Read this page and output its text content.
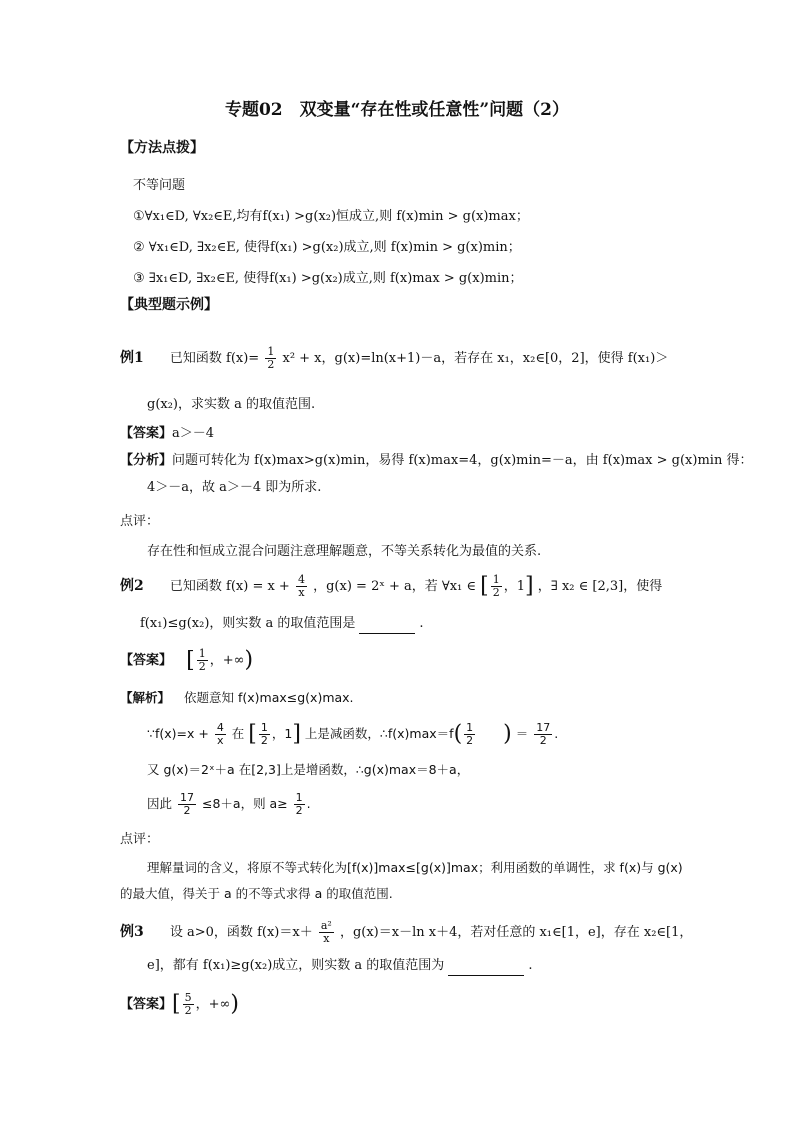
专题02　双变量“存在性或任意性”问题（2）
【方法点拨】
不等问题
①∀x₁∈D, ∀x₂∈E,均有f(x₁) >g(x₂)恒成立,则 f(x)min > g(x)max；
② ∀x₁∈D, ∃x₂∈E, 使得f(x₁) >g(x₂)成立,则 f(x)min > g(x)min；
③ ∃x₁∈D, ∃x₂∈E, 使得f(x₁) >g(x₂)成立,则 f(x)max > g(x)min；
【典型题示例】
例1 已知函数 $f(x)= \frac{1}{2} x^2 + x$，g(x)=ln(x+1)－a，若存在 x₁，x₂∈[0，2]，使得 f(x₁)＞
g(x₂)，求实数 a 的取值范围.
【答案】a＞－4
【分析】问题可转化为 f(x)max>g(x)min，易得 f(x)max=4，g(x)min=－a，由 f(x)max > g(x)min 得：
4＞－a，故 a＞－4 即为所求.
点评：
存在性和恒成立混合问题注意理解题意，不等关系转化为最值的关系.
例2 已知函数 $f(x) = x + \frac{4}{x}$ ，g(x) = 2ˣ + a，若 ∀x₁ ∈ [ $\frac{1}{2}$ ，1] ，∃ x₂ ∈ [2,3]，使得
f(x₁)≤g(x₂)，则实数 a 的取值范围是	.
【答案】 [ $\frac{1}{2}$ ，+∞)
【解析】 依题意知 f(x)max≤g(x)max.
∵f(x)=x + $\frac{4}{x}$ 在 [ $\frac{1}{2}$ ，1] 上是减函数，∴f(x)max＝f( $\frac{1}{2}$ ) ＝ $\frac{17}{2}$ .
又 g(x)＝2ˣ＋a 在[2,3]上是增函数，∴g(x)max＝8＋a，
因此 $\frac{17}{2} \le 8+a$，则 $a\ge \frac{1}{2}$ .
点评：
理解量词的含义，将原不等式转化为[f(x)]max≤[g(x)]max；利用函数的单调性，求 f(x)与 g(x)
的最大值，得关于 a 的不等式求得 a 的取值范围.
例3 设 a>0，函数 $f(x)=x+ \frac{\text{a²}}{x}$ ，g(x)＝x－ln x＋4，若对任意的 x₁∈[1，e]，存在 x₂∈[1，
e]，都有 f(x₁)≥g(x₂)成立，则实数 a 的取值范围为	.
【答案】[ $\frac{5}{2}$ ，+∞)
